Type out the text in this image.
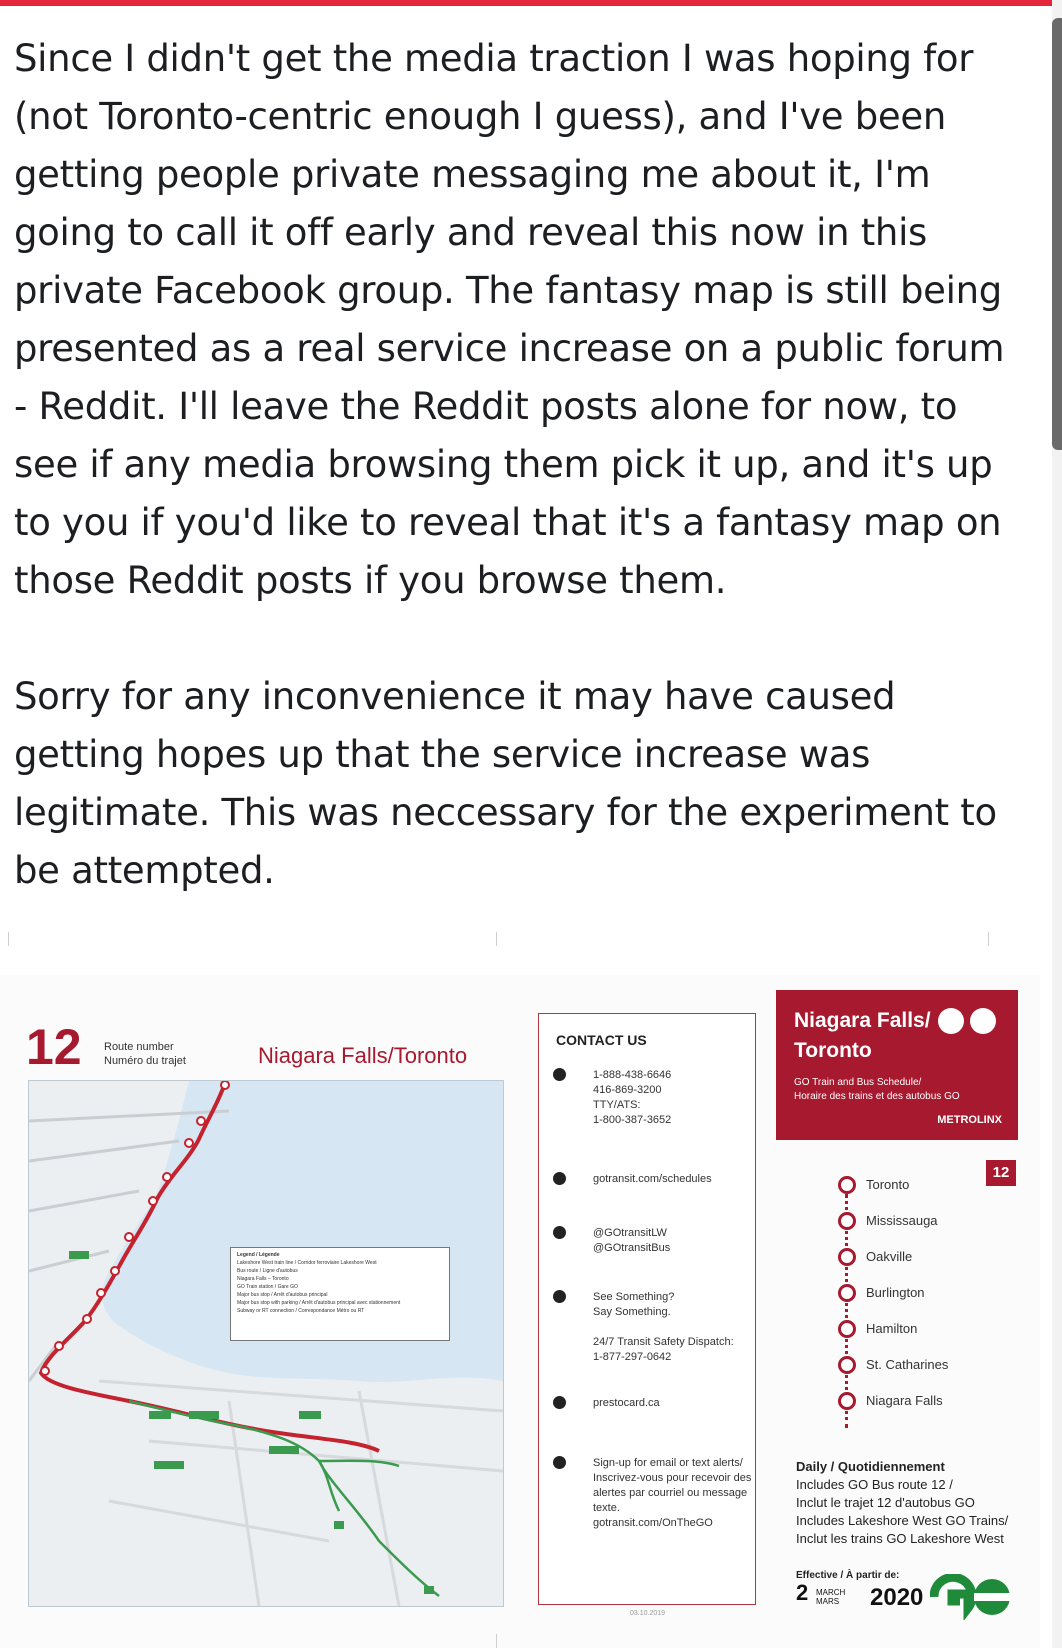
Since I didn't get the media traction I was hoping for (not Toronto-centric enough I guess), and I've been getting people private messaging me about it, I'm going to call it off early and reveal this now in this private Facebook group. The fantasy map is still being presented as a real service increase on a public forum - Reddit. I'll leave the Reddit posts alone for now, to see if any media browsing them pick it up, and it's up to you if you'd like to reveal that it's a fantasy map on those Reddit posts if you browse them.

Sorry for any inconvenience it may have caused getting hopes up that the service increase was legitimate. This was neccessary for the experiment to be attempted.

12 Route number
Numéro du trajet	Niagara Falls/Toronto
Legend / Légende
Lakeshore West train line / Corridor ferroviaire Lakeshore West
Bus route / Ligne d'autobus
Niagara Falls – Toronto
GO Train station / Gare GO
Major bus stop / Arrêt d'autobus principal
Major bus stop with parking / Arrêt d'autobus principal avec stationnement
Subway or RT connection / Correspondance Métro ou RT
CONTACT US
1-888-438-6646
416-869-3200
TTY/ATS:
1-800-387-3652
gotransit.com/schedules
@GOtransitLW
@GOtransitBus
See Something?
Say Something.

24/7 Transit Safety Dispatch:
1-877-297-0642
prestocard.ca
Sign-up for email or text alerts/ Inscrivez-vous pour recevoir des alertes par courriel ou message texte.
gotransit.com/OnTheGO
03.10.2019
Niagara Falls/
Toronto
GO Train and Bus Schedule/
Horaire des trains et des autobus GO
METROLINX
12
Toronto
Mississauga
Oakville
Burlington
Hamilton
St. Catharines
Niagara Falls
Daily / Quotidiennement
Includes GO Bus route 12 /
Inclut le trajet 12 d'autobus GO
Includes Lakeshore West GO Trains/
Inclut les trains GO Lakeshore West
Effective / À partir de:
2 MARCH
MARS 2020
